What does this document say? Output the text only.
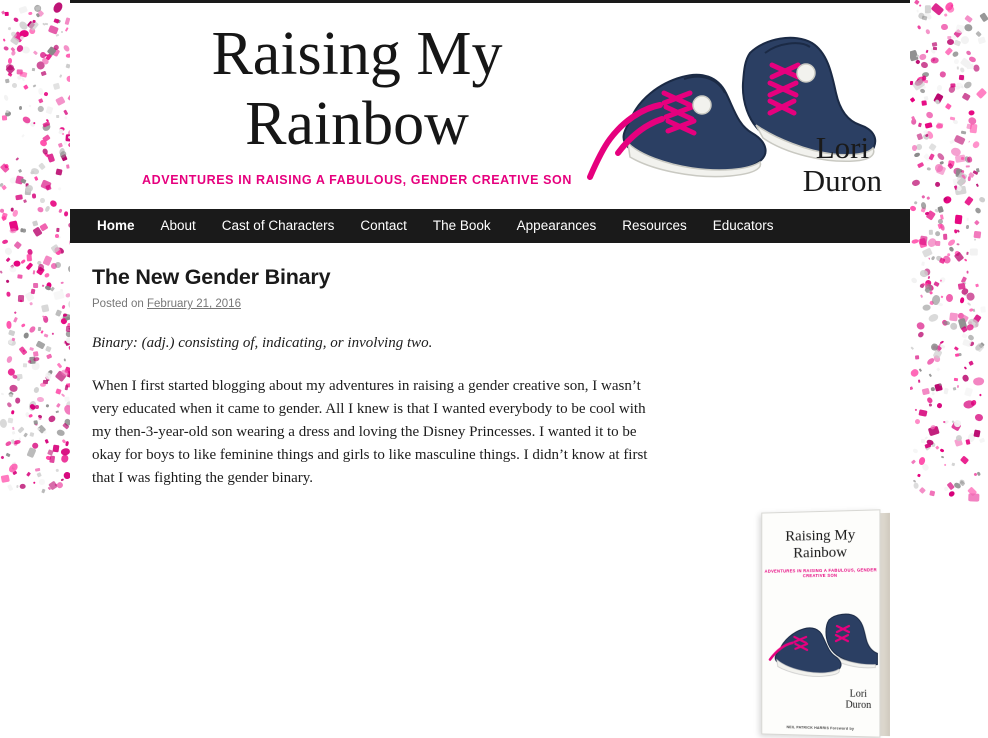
Raising My
Rainbow
ADVENTURES IN RAISING A FABULOUS, GENDER CREATIVE SON
Lori
Duron
Home	About	Cast of Characters	Contact	The Book	Appearances	Resources	Educators
The New Gender Binary
Posted on February 21, 2016

Binary: (adj.) consisting of, indicating, or involving two.

When I first started blogging about my adventures in raising a gender creative son, I wasn’t very educated when it came to gender. All I knew is that I wanted everybody to be cool with my then-3-year-old son wearing a dress and loving the Disney Princesses. I wanted it to be okay for boys to like feminine things and girls to like masculine things. I didn’t know at first that I was fighting the gender binary.

Raising My
Rainbow
ADVENTURES IN RAISING A FABULOUS, GENDER CREATIVE SON
Lori
Duron
NEIL PATRICK HARRIS Foreword by
